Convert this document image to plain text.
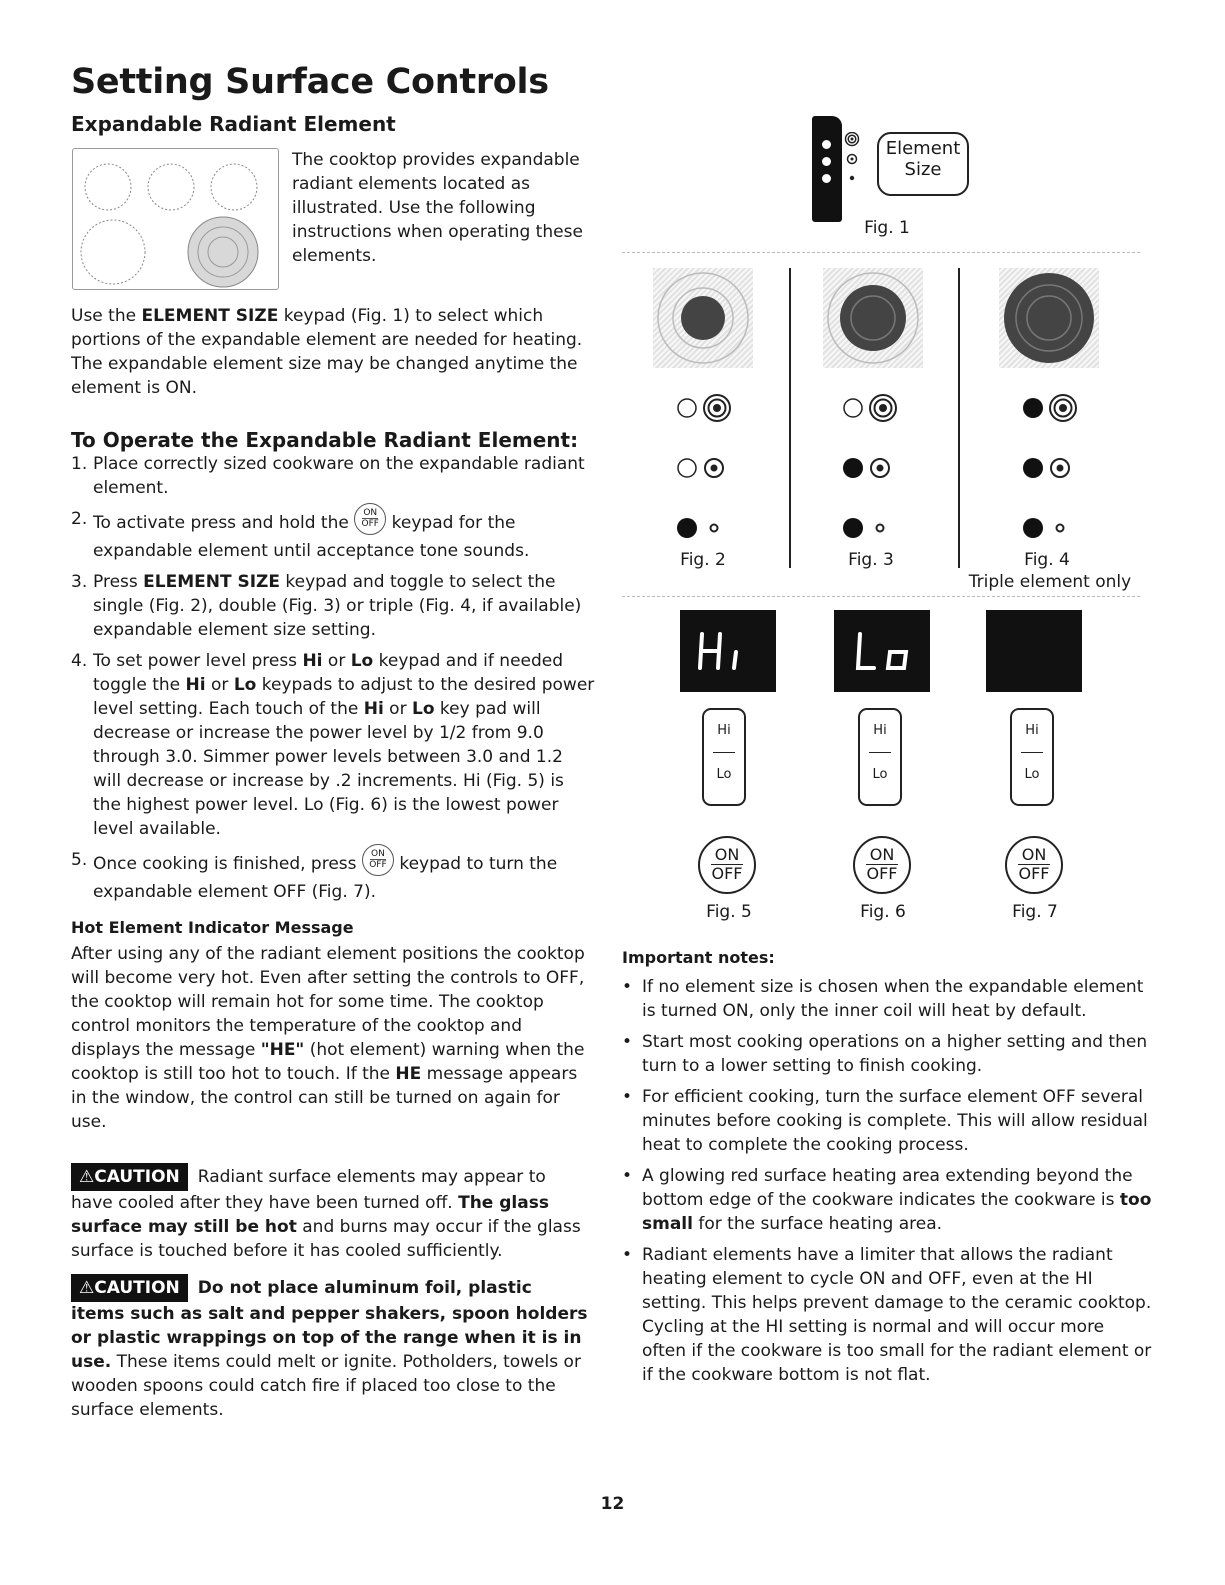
Setting Surface Controls
Expandable Radiant Element
The cooktop provides expandable radiant elements located as illustrated. Use the following instructions when operating these elements.
Use the ELEMENT SIZE keypad (Fig. 1) to select which portions of the expandable element are needed for heating. The expandable element size may be changed anytime the element is ON.
To Operate the Expandable Radiant Element:
1. Place correctly sized cookware on the expandable radiant element.
2. To activate press and hold the ON
OFF keypad for the expandable element until acceptance tone sounds.
3. Press ELEMENT SIZE keypad and toggle to select the single (Fig. 2), double (Fig. 3) or triple (Fig. 4, if available) expandable element size setting.
4. To set power level press Hi or Lo keypad and if needed toggle the Hi or Lo keypads to adjust to the desired power level setting. Each touch of the Hi or Lo key pad will decrease or increase the power level by 1/2 from 9.0 through 3.0. Simmer power levels between 3.0 and 1.2 will decrease or increase by .2 increments. Hi (Fig. 5) is the highest power level. Lo (Fig. 6) is the lowest power level available.
5. Once cooking is finished, press ON
OFF keypad to turn the expandable element OFF (Fig. 7).
Hot Element Indicator Message
After using any of the radiant element positions the cooktop will become very hot. Even after setting the controls to OFF, the cooktop will remain hot for some time. The cooktop control monitors the temperature of the cooktop and displays the message "HE" (hot element) warning when the cooktop is still too hot to touch. If the HE message appears in the window, the control can still be turned on again for use.
⚠CAUTION Radiant surface elements may appear to have cooled after they have been turned off. The glass surface may still be hot and burns may occur if the glass surface is touched before it has cooled sufficiently.
⚠CAUTION Do not place aluminum foil, plastic items such as salt and pepper shakers, spoon holders or plastic wrappings on top of the range when it is in use. These items could melt or ignite. Potholders, towels or wooden spoons could catch fire if placed too close to the surface elements.
12
Element
Size
Fig. 1
Fig. 2	Fig. 3	Fig. 4
Triple element only
Hi
Lo
Hi
Lo
Hi
Lo
ON
OFF
ON
OFF
ON
OFF
Fig. 5	Fig. 6	Fig. 7
Important notes:
• If no element size is chosen when the expandable element is turned ON, only the inner coil will heat by default.
• Start most cooking operations on a higher setting and then turn to a lower setting to finish cooking.
• For efficient cooking, turn the surface element OFF several minutes before cooking is complete. This will allow residual heat to complete the cooking process.
• A glowing red surface heating area extending beyond the bottom edge of the cookware indicates the cookware is too small for the surface heating area.
• Radiant elements have a limiter that allows the radiant heating element to cycle ON and OFF, even at the HI setting. This helps prevent damage to the ceramic cooktop. Cycling at the HI setting is normal and will occur more often if the cookware is too small for the radiant element or if the cookware bottom is not flat.
